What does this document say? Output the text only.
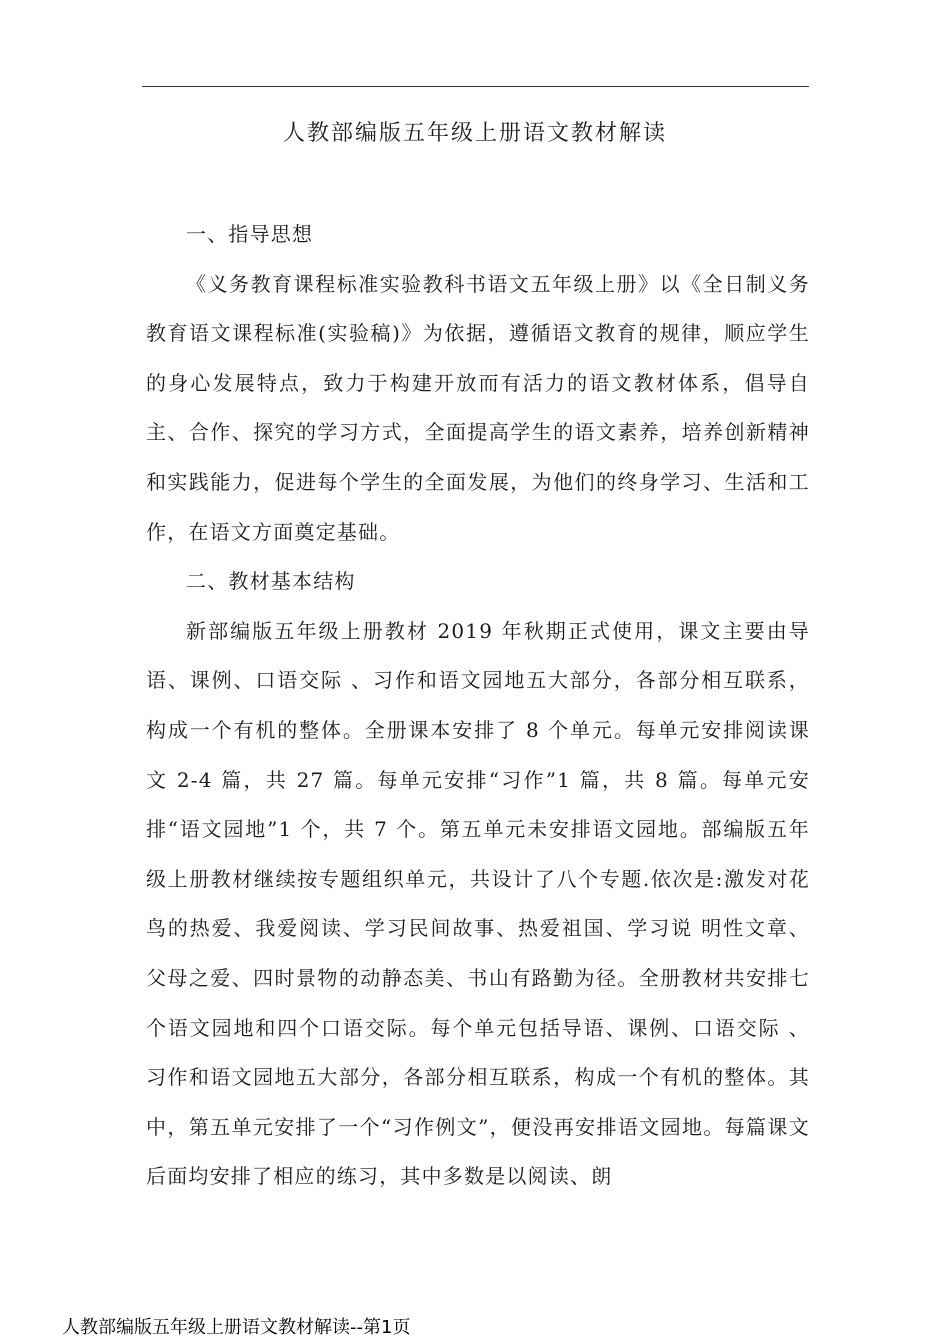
人教部编版五年级上册语文教材解读

一、指导思想

《义务教育课程标准实验教科书语文五年级上册》以《全日制义务教育语文课程标准(实验稿)》为依据，遵循语文教育的规律，顺应学生的身心发展特点，致力于构建开放而有活力的语文教材体系，倡导自主、合作、探究的学习方式，全面提高学生的语文素养，培养创新精神和实践能力，促进每个学生的全面发展，为他们的终身学习、生活和工作，在语文方面奠定基础。

二、教材基本结构

新部编版五年级上册教材 2019 年秋期正式使用，课文主要由导语、课例、口语交际 、习作和语文园地五大部分，各部分相互联系，构成一个有机的整体。全册课本安排了 8 个单元。每单元安排阅读课文 2-4 篇，共 27 篇。每单元安排“习作”1 篇，共 8 篇。每单元安排“语文园地”1 个，共 7 个。第五单元未安排语文园地。部编版五年级上册教材继续按专题组织单元，共设计了八个专题.依次是:激发对花鸟的热爱、我爱阅读、学习民间故事、热爱祖国、学习说 明性文章、父母之爱、四时景物的动静态美、书山有路勤为径。全册教材共安排七个语文园地和四个口语交际。每个单元包括导语、课例、口语交际 、习作和语文园地五大部分，各部分相互联系，构成一个有机的整体。其中，第五单元安排了一个“习作例文”，便没再安排语文园地。每篇课文后面均安排了相应的练习，其中多数是以阅读、朗

人教部编版五年级上册语文教材解读--第1页
